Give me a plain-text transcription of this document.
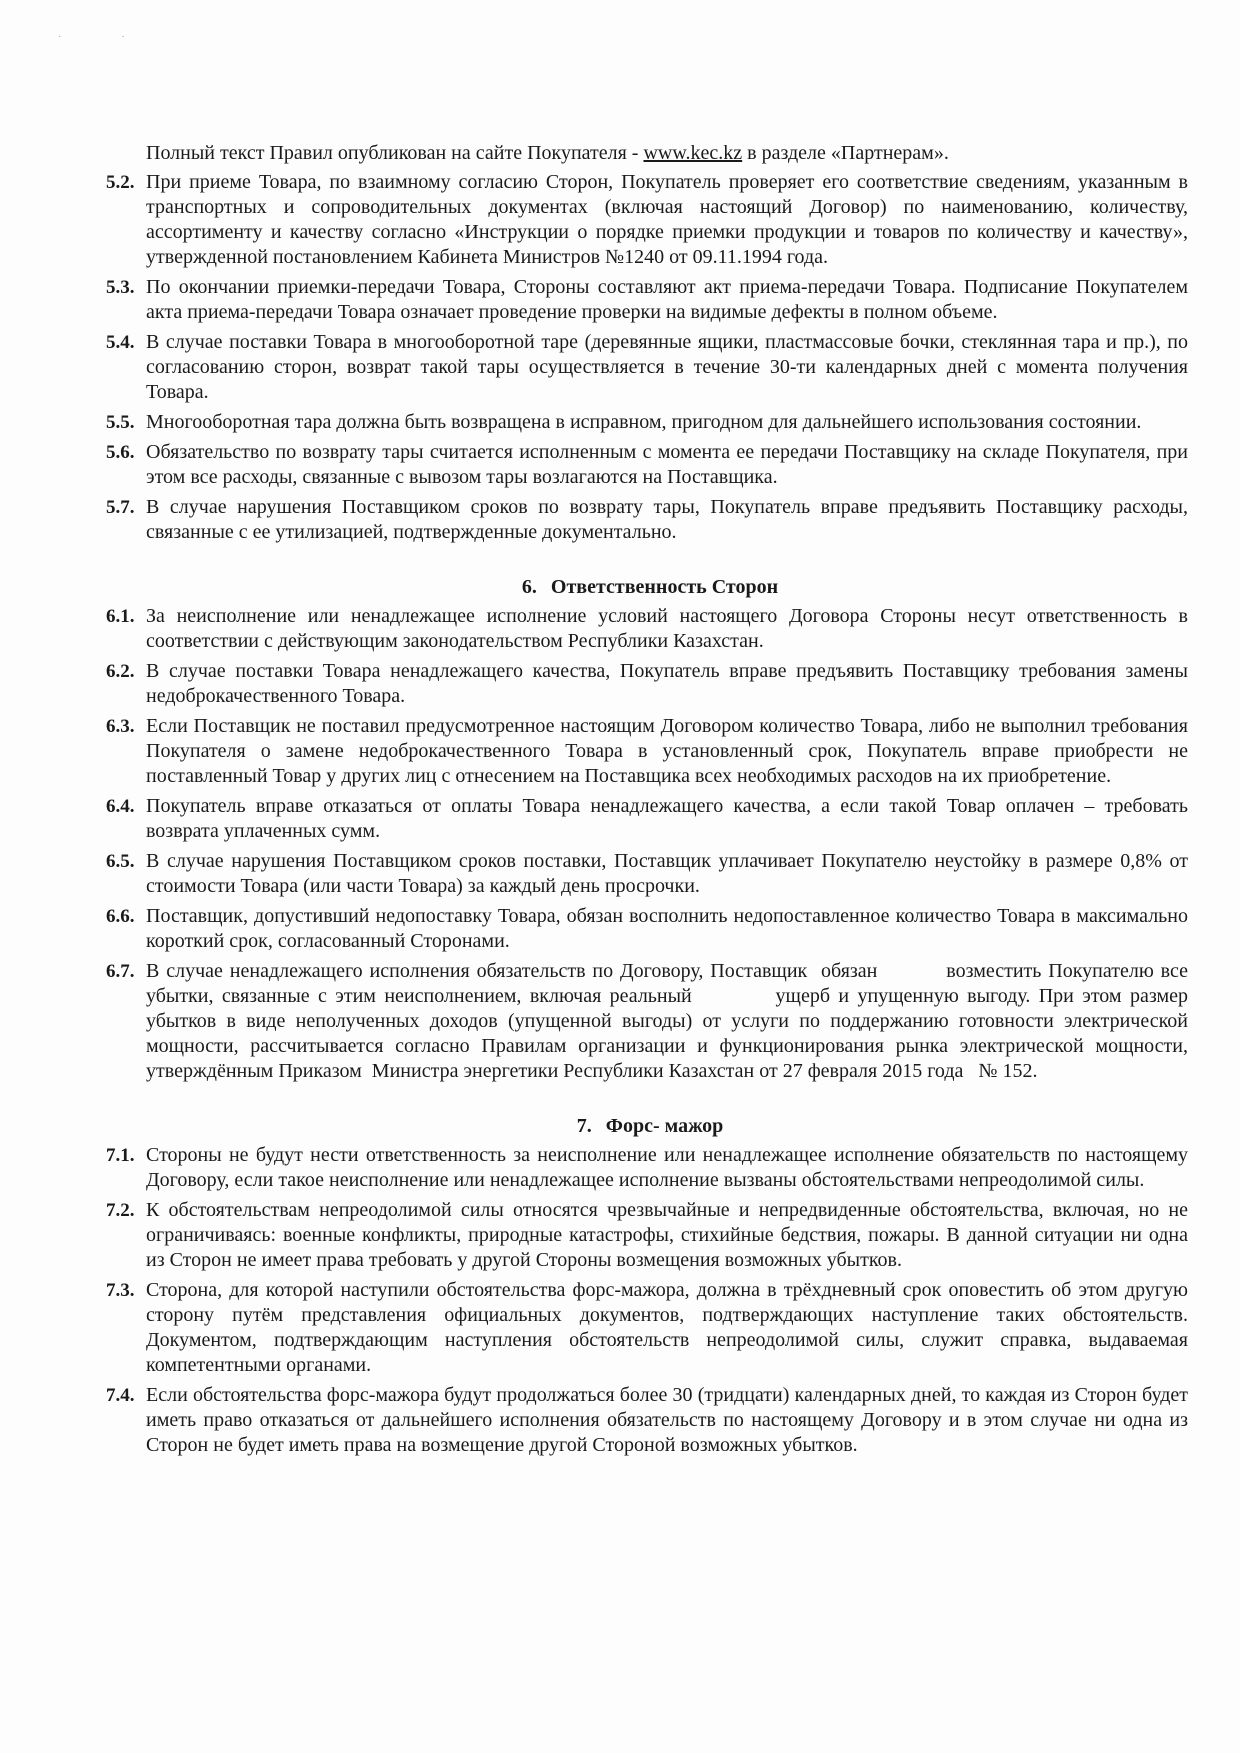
˙˙
Полный текст Правил опубликован на сайте Покупателя - www.kec.kz в разделе «Партнерам».
5.2. При приеме Товара, по взаимному согласию Сторон, Покупатель проверяет его соответствие сведениям, указанным в транспортных и сопроводительных документах (включая настоящий Договор) по наименованию, количеству, ассортименту и качеству согласно «Инструкции о порядке приемки продукции и товаров по количеству и качеству», утвержденной постановлением Кабинета Министров №1240 от 09.11.1994 года.
5.3. По окончании приемки-передачи Товара, Стороны составляют акт приема-передачи Товара. Подписание Покупателем акта приема-передачи Товара означает проведение проверки на видимые дефекты в полном объеме.
5.4. В случае поставки Товара в многооборотной таре (деревянные ящики, пластмассовые бочки, стеклянная тара и пр.), по согласованию сторон, возврат такой тары осуществляется в течение 30-ти календарных дней с момента получения Товара.
5.5. Многооборотная тара должна быть возвращена в исправном, пригодном для дальнейшего использования состоянии.
5.6. Обязательство по возврату тары считается исполненным с момента ее передачи Поставщику на складе Покупателя, при этом все расходы, связанные с вывозом тары возлагаются на Поставщика.
5.7. В случае нарушения Поставщиком сроков по возврату тары, Покупатель вправе предъявить Поставщику расходы, связанные с ее утилизацией, подтвержденные документально.
6. Ответственность Сторон
6.1. За неисполнение или ненадлежащее исполнение условий настоящего Договора Стороны несут ответственность в соответствии с действующим законодательством Республики Казахстан.
6.2. В случае поставки Товара ненадлежащего качества, Покупатель вправе предъявить Поставщику требования замены недоброкачественного Товара.
6.3. Если Поставщик не поставил предусмотренное настоящим Договором количество Товара, либо не выполнил требования Покупателя о замене недоброкачественного Товара в установленный срок, Покупатель вправе приобрести не поставленный Товар у других лиц с отнесением на Поставщика всех необходимых расходов на их приобретение.
6.4. Покупатель вправе отказаться от оплаты Товара ненадлежащего качества, а если такой Товар оплачен – требовать возврата уплаченных сумм.
6.5. В случае нарушения Поставщиком сроков поставки, Поставщик уплачивает Покупателю неустойку в размере 0,8% от стоимости Товара (или части Товара) за каждый день просрочки.
6.6. Поставщик, допустивший недопоставку Товара, обязан восполнить недопоставленное количество Товара в максимально короткий срок, согласованный Сторонами.
6.7. В случае ненадлежащего исполнения обязательств по Договору, Поставщик  обязан          возместить Покупателю все убытки, связанные с этим неисполнением, включая реальный          ущерб и упущенную выгоду. При этом размер убытков в виде неполученных доходов (упущенной выгоды) от услуги по поддержанию готовности электрической мощности, рассчитывается согласно Правилам организации и функционирования рынка электрической мощности, утверждённым Приказом  Министра энергетики Республики Казахстан от 27 февраля 2015 года   № 152.
7. Форс- мажор
7.1. Стороны не будут нести ответственность за неисполнение или ненадлежащее исполнение обязательств по настоящему Договору, если такое неисполнение или ненадлежащее исполнение вызваны обстоятельствами непреодолимой силы.
7.2. К обстоятельствам непреодолимой силы относятся чрезвычайные и непредвиденные обстоятельства, включая, но не ограничиваясь: военные конфликты, природные катастрофы, стихийные бедствия, пожары. В данной ситуации ни одна из Сторон не имеет права требовать у другой Стороны возмещения возможных убытков.
7.3. Сторона, для которой наступили обстоятельства форс-мажора, должна в трёхдневный срок оповестить об этом другую сторону путём представления официальных документов, подтверждающих наступление таких обстоятельств. Документом, подтверждающим наступления обстоятельств непреодолимой силы, служит справка, выдаваемая компетентными органами.
7.4. Если обстоятельства форс-мажора будут продолжаться более 30 (тридцати) календарных дней, то каждая из Сторон будет иметь право отказаться от дальнейшего исполнения обязательств по настоящему Договору и в этом случае ни одна из Сторон не будет иметь права на возмещение другой Стороной возможных убытков.
